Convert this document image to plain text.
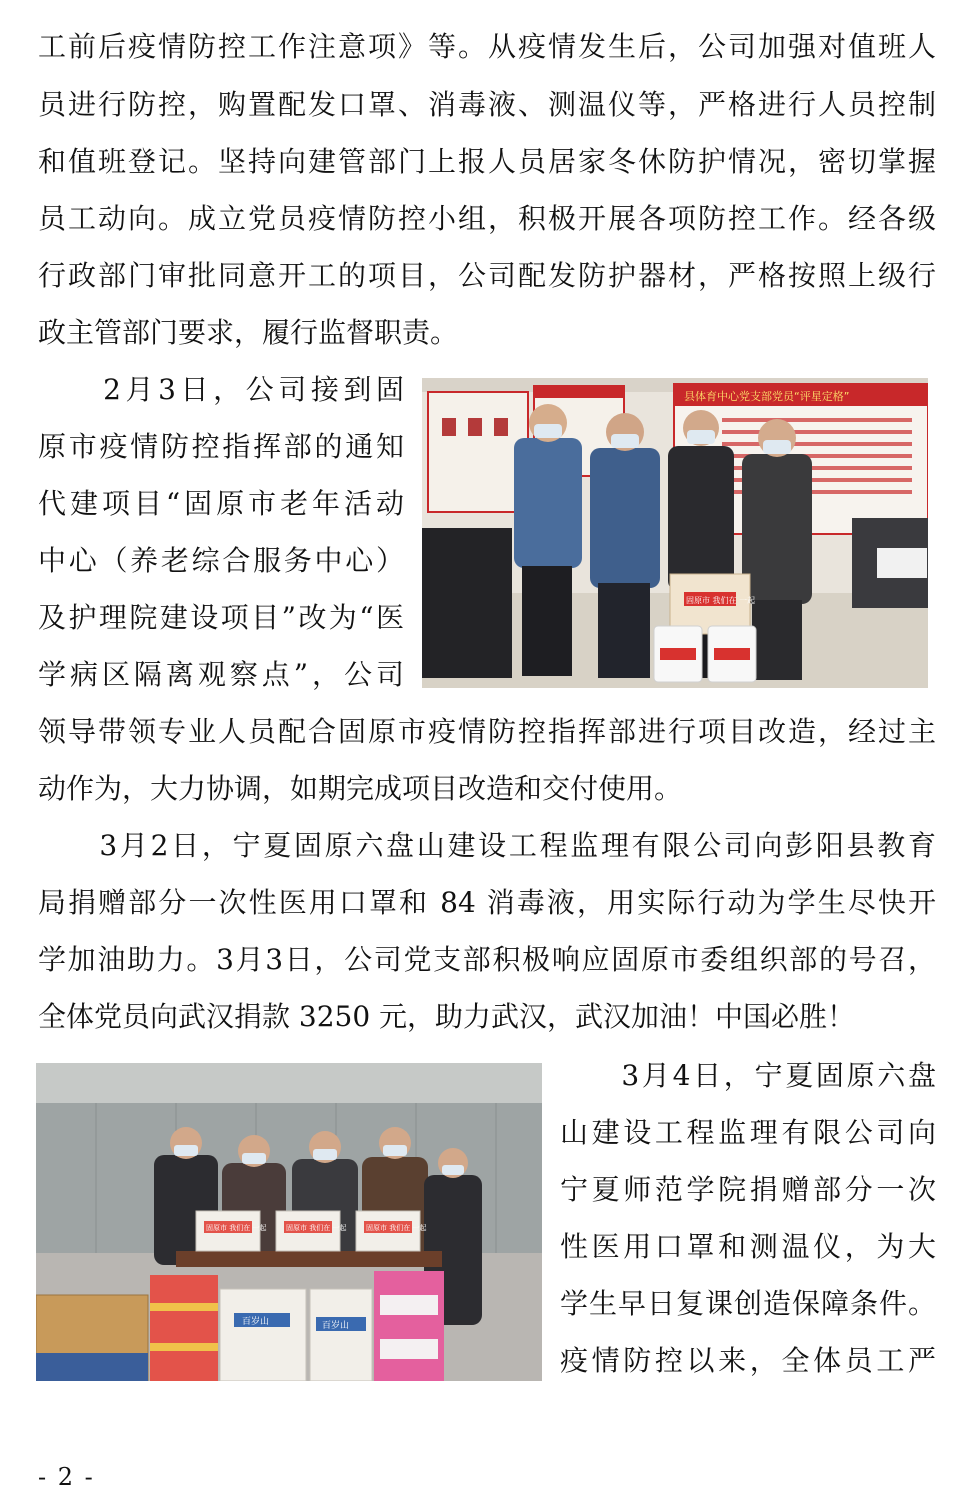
工前后疫情防控工作注意项》等。从疫情发生后，公司加强对值班人
员进行防控，购置配发口罩、消毒液、测温仪等，严格进行人员控制
和值班登记。坚持向建管部门上报人员居家冬休防护情况，密切掌握
员工动向。成立党员疫情防控小组，积极开展各项防控工作。经各级
行政部门审批同意开工的项目，公司配发防护器材，严格按照上级行
政主管部门要求，履行监督职责。
　　2月3日，公司接到固
原市疫情防控指挥部的通知
代建项目“固原市老年活动
中心（养老综合服务中心）
及护理院建设项目”改为“医
学病区隔离观察点”，公司
领导带领专业人员配合固原市疫情防控指挥部进行项目改造，经过主
动作为，大力协调，如期完成项目改造和交付使用。
县体育中心党支部党员“评星定格”
固原市 我们在 一起
　　3月2日，宁夏固原六盘山建设工程监理有限公司向彭阳县教育
局捐赠部分一次性医用口罩和 84 消毒液，用实际行动为学生尽快开
学加油助力。3月3日，公司党支部积极响应固原市委组织部的号召，
全体党员向武汉捐款 3250 元，助力武汉，武汉加油！中国必胜！
固原市 我们在 一起	固原市 我们在 一起	固原市 我们在 一起
百岁山	百岁山
　　3月4日，宁夏固原六盘
山建设工程监理有限公司向
宁夏师范学院捐赠部分一次
性医用口罩和测温仪，为大
学生早日复课创造保障条件。
疫情防控以来，全体员工严
- 2 -
